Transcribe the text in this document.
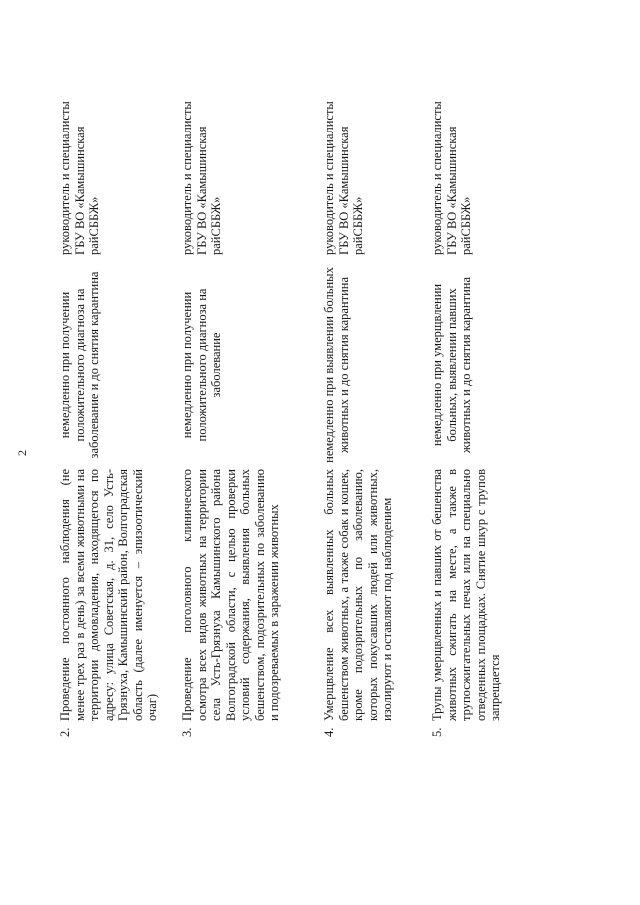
2
2.
Проведение постоянного наблюдения (не менее трех раз в день) за всеми животными на территории домовладения, находящегося по адресу: улица Советская, д. 31, село Усть-Грязнуха, Камышинский район, Волгоградская область (далее именуется – эпизоотический очаг)
немедленно при получении положительного диагноза на заболевание и до снятия карантина
руководитель и специалисты ГБУ ВО «Камышинская райСББЖ»
3.
Проведение поголовного клинического осмотра всех видов животных на территории села Усть-Грязнуха Камышинского района Волгоградской области, с целью проверки условий содержания, выявления больных бешенством, подозрительных по заболеванию и подозреваемых в заражении животных
немедленно при получении положительного диагноза на заболевание
руководитель и специалисты ГБУ ВО «Камышинская райСББЖ»
4.
Умерщвление всех выявленных больных бешенством животных, а также собак и кошек, кроме подозрительных по заболеванию, которых покусавших людей или животных, изолируют и оставляют под наблюдением
немедленно при выявлении больных животных и до снятия карантина
руководитель и специалисты ГБУ ВО «Камышинская райСББЖ»
5.
Трупы умерщвленных и павших от бешенства животных сжигать на месте, а также в трупосжигательных печах или на специально отведенных площадках. Снятие шкур с трупов запрещается
немедленно при умерщвлении больных, выявлении павших животных и до снятия карантина
руководитель и специалисты ГБУ ВО «Камышинская райСББЖ»
